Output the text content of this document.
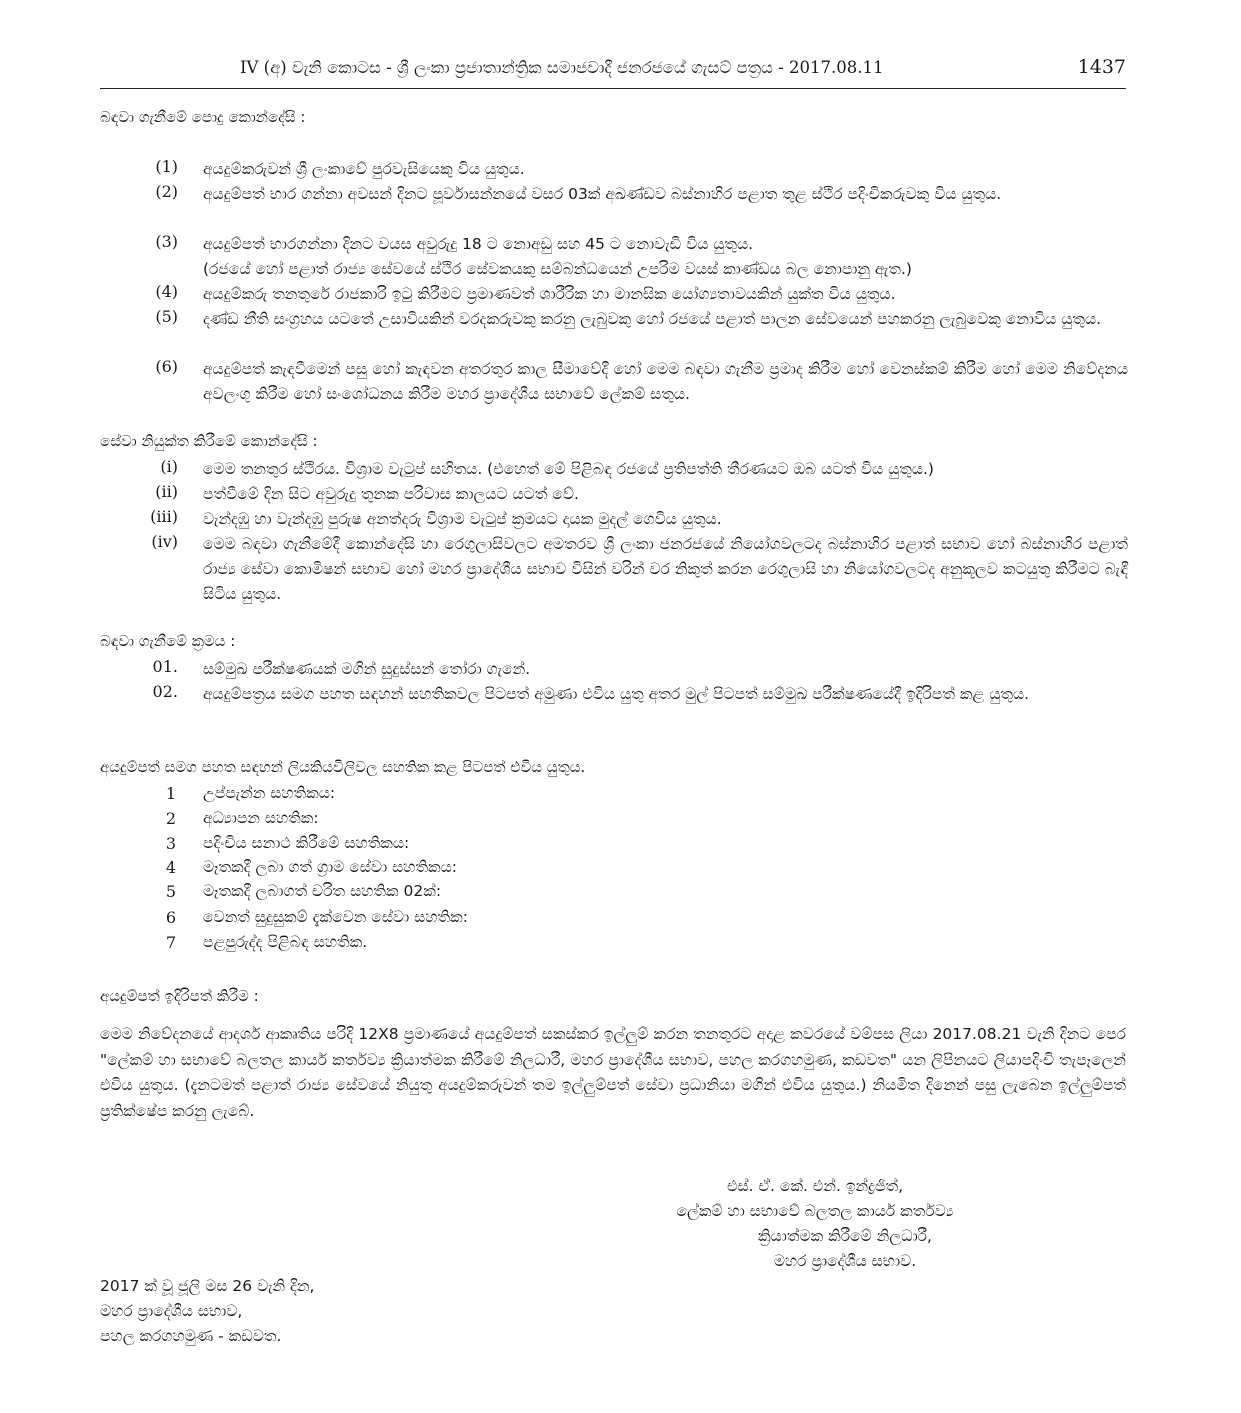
IV (අ) වැනි කොටස - ශ්‍රී ලංකා ප්‍රජාතාන්ත්‍රික සමාජවාදී ජනරජයේ ගැසට් පත්‍රය - 2017.08.11	1437
බඳවා ගැනීමේ පොදු කොන්දේසි :
(1) අයදුම්කරුවන් ශ්‍රී ලංකාවේ පුරවැසියෙකු විය යුතුය.
(2) අයදුම්පත් භාර ගන්නා අවසන් දිනට පූර්වාසන්නයේ වසර 03ක් අඛණ්ඩව බස්නාහිර පළාත තුළ ස්ථිර පදිංචිකරුවකු විය යුතුය.
(3) අයදුම්පත් භාරගන්නා දිනට වයස අවුරුදු 18 ට නොඅඩු සහ 45 ට නොවැඩි විය යුතුය.
(රජයේ හෝ පළාත් රාජ්‍ය සේවයේ ස්ථිර සේවකයකු සම්බන්ධයෙන් උපරිම වයස් කාණ්ඩය බල නොපානු ඇත.)
(4) අයදුම්කරු තනතුරේ රාජකාරි ඉටු කිරීමට ප්‍රමාණවත් ශාරීරික හා මානසික යෝග්‍යතාවයකින් යුක්ත විය යුතුය.
(5) දණ්ඩ නීති සංග්‍රහය යටතේ උසාවියකින් වරදකරුවකු කරනු ලැබුවකු හෝ රජයේ පළාත් පාලන සේවයෙන් පහකරනු ලැබුවෙකු නොවිය යුතුය.
(6) අයදුම්පත් කැඳවීමෙන් පසු හෝ කැඳවන අතරතුර කාල සීමාවේදී හෝ මෙම බඳවා ගැනීම ප්‍රමාද කිරීම හෝ වෙනස්කම් කිරීම හෝ මෙම නිවේදනය අවලංගු කිරීම හෝ සංශෝධනය කිරීම මහර ප්‍රාදේශීය සභාවේ ලේකම් සතුය.
සේවා නියුක්ත කිරීමේ කොන්දේසි :
(i) මෙම තනතුර ස්ථිරය. විශ්‍රාම වැටුප් සහිතය. (එහෙත් මේ පිළිබඳ රජයේ ප්‍රතිපත්ති තීරණයට ඔබ යටත් විය යුතුය.)
(ii) පත්වීමේ දින සිට අවුරුදු තුනක පරිවාස කාලයට යටත් වේ.
(iii) වැන්දඹු හා වැන්දඹු පුරුෂ අනත්දරු විශ්‍රාම වැටුප් ක්‍රමයට දායක මුදල් ගෙවිය යුතුය.
(iv) මෙම බඳවා ගැනීමේදී කොන්දේසි හා රෙගුලාසිවලට අමතරව ශ්‍රී ලංකා ජනරජයේ නියෝගවලටද බස්නාහිර පළාත් සභාව හෝ බස්නාහිර පළාත් රාජ්‍ය සේවා කොමිෂන් සභාව හෝ මහර ප්‍රාදේශීය සභාව විසින් වරින් වර නිකුත් කරන රෙගුලාසි හා නියෝගවලටද අනුකූලව කටයුතු කිරීමට බැඳී සිටිය යුතුය.
බඳවා ගැනීමේ ක්‍රමය :
01. සම්මුඛ පරීක්ෂණයක් මගින් සුදුස්සන් තෝරා ගැනේ.
02. අයදුම්පත්‍රය සමග පහත සඳහන් සහතිකවල පිටපත් අමුණා එවිය යුතු අතර මුල් පිටපත් සම්මුඛ පරීක්ෂණයේදී ඉදිරිපත් කළ යුතුය.
අයදුම්පත් සමග පහත සඳහන් ලියකියවිලිවල සහතික කළ පිටපත් එවිය යුතුය.
1 උප්පැන්න සහතිකය:
2 අධ්‍යාපන සහතික:
3 පදිංචිය සනාථ කිරීමේ සහතිකය:
4 මෑතකදී ලබා ගත් ග්‍රාම සේවා සහතිකය:
5 මෑතකදී ලබාගත් චරිත සහතික 02ක්:
6 වෙනත් සුදුසුකම් දැක්වෙන සේවා සහතික:
7 පළපුරුද්ද පිළිබඳ සහතික.
අයදුම්පත් ඉදිරිපත් කිරීම :
මෙම නිවේදනයේ ආදර්ශ ආකෘතිය පරිදි 12X8 ප්‍රමාණයේ අයදුම්පත් සකස්කර ඉල්ලුම් කරන තනතුරට අදාළ කවරයේ වම්පස ලියා 2017.08.21 වැනි දිනට පෙර "ලේකම් හා සභාවේ බලතල කාර්ය කර්තව්‍ය ක්‍රියාත්මක කිරීමේ නිලධාරී, මහර ප්‍රාදේශීය සභාව, පහල කරගහමුණ, කඩවත" යන ලිපිනයට ලියාපදිංචි තැපෑලෙන් එවිය යුතුය. (දැනටමත් පළාත් රාජ්‍ය සේවයේ නියුතු අයදුම්කරුවන් තම ඉල්ලුම්පත් සේවා ප්‍රධානියා මගින් එවිය යුතුය.) නියමිත දිනෙන් පසු ලැබෙන ඉල්ලුම්පත් ප්‍රතික්ෂේප කරනු ලැබේ.
එස්. ඒ. කේ. එන්. ඉන්ද්‍රජිත්,
ලේකම් හා සභාවේ බලතල කාර්ය කර්තව්‍ය
ක්‍රියාත්මක කිරීමේ නිලධාරී,
මහර ප්‍රාදේශීය සභාව.
2017 ක් වූ ජූලි මස 26 වැනි දින,
මහර ප්‍රාදේශීය සභාව,
පහල කරගහමුණ - කඩවත.
